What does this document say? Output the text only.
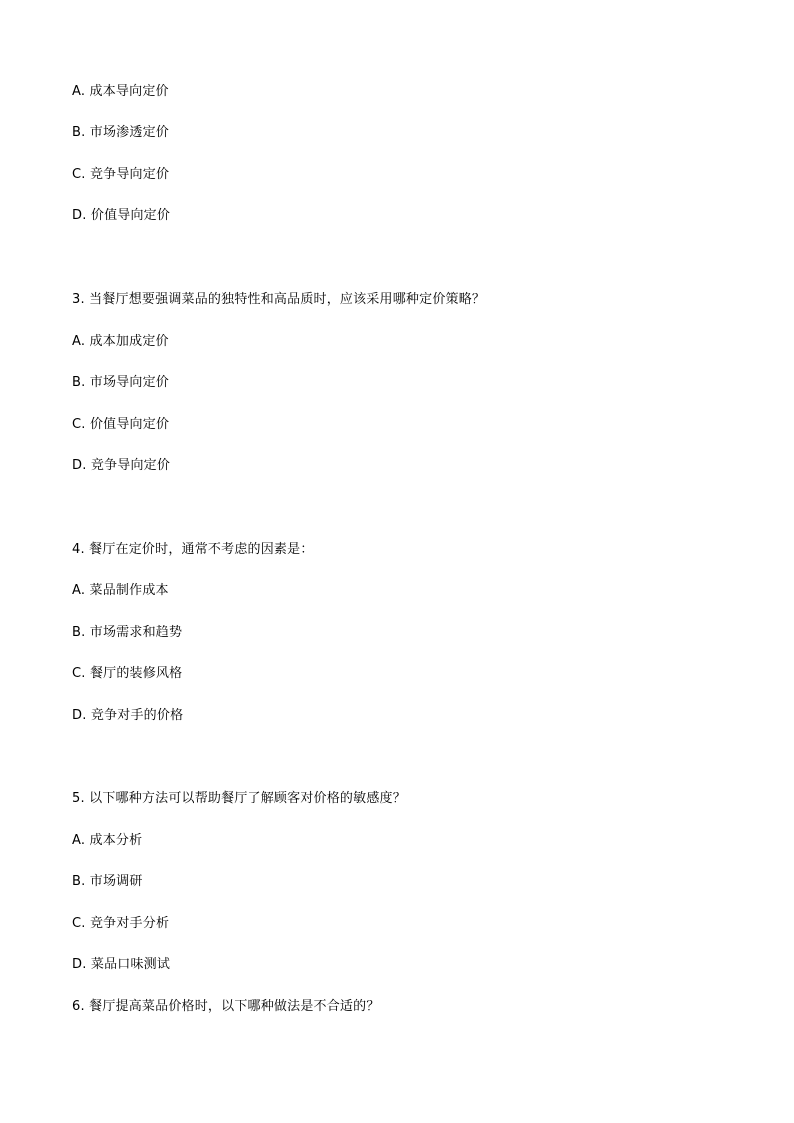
A. 成本导向定价
B. 市场渗透定价
C. 竞争导向定价
D. 价值导向定价
3. 当餐厅想要强调菜品的独特性和高品质时，应该采用哪种定价策略？
A. 成本加成定价
B. 市场导向定价
C. 价值导向定价
D. 竞争导向定价
4. 餐厅在定价时，通常不考虑的因素是：
A. 菜品制作成本
B. 市场需求和趋势
C. 餐厅的装修风格
D. 竞争对手的价格
5. 以下哪种方法可以帮助餐厅了解顾客对价格的敏感度？
A. 成本分析
B. 市场调研
C. 竞争对手分析
D. 菜品口味测试
6. 餐厅提高菜品价格时，以下哪种做法是不合适的？
